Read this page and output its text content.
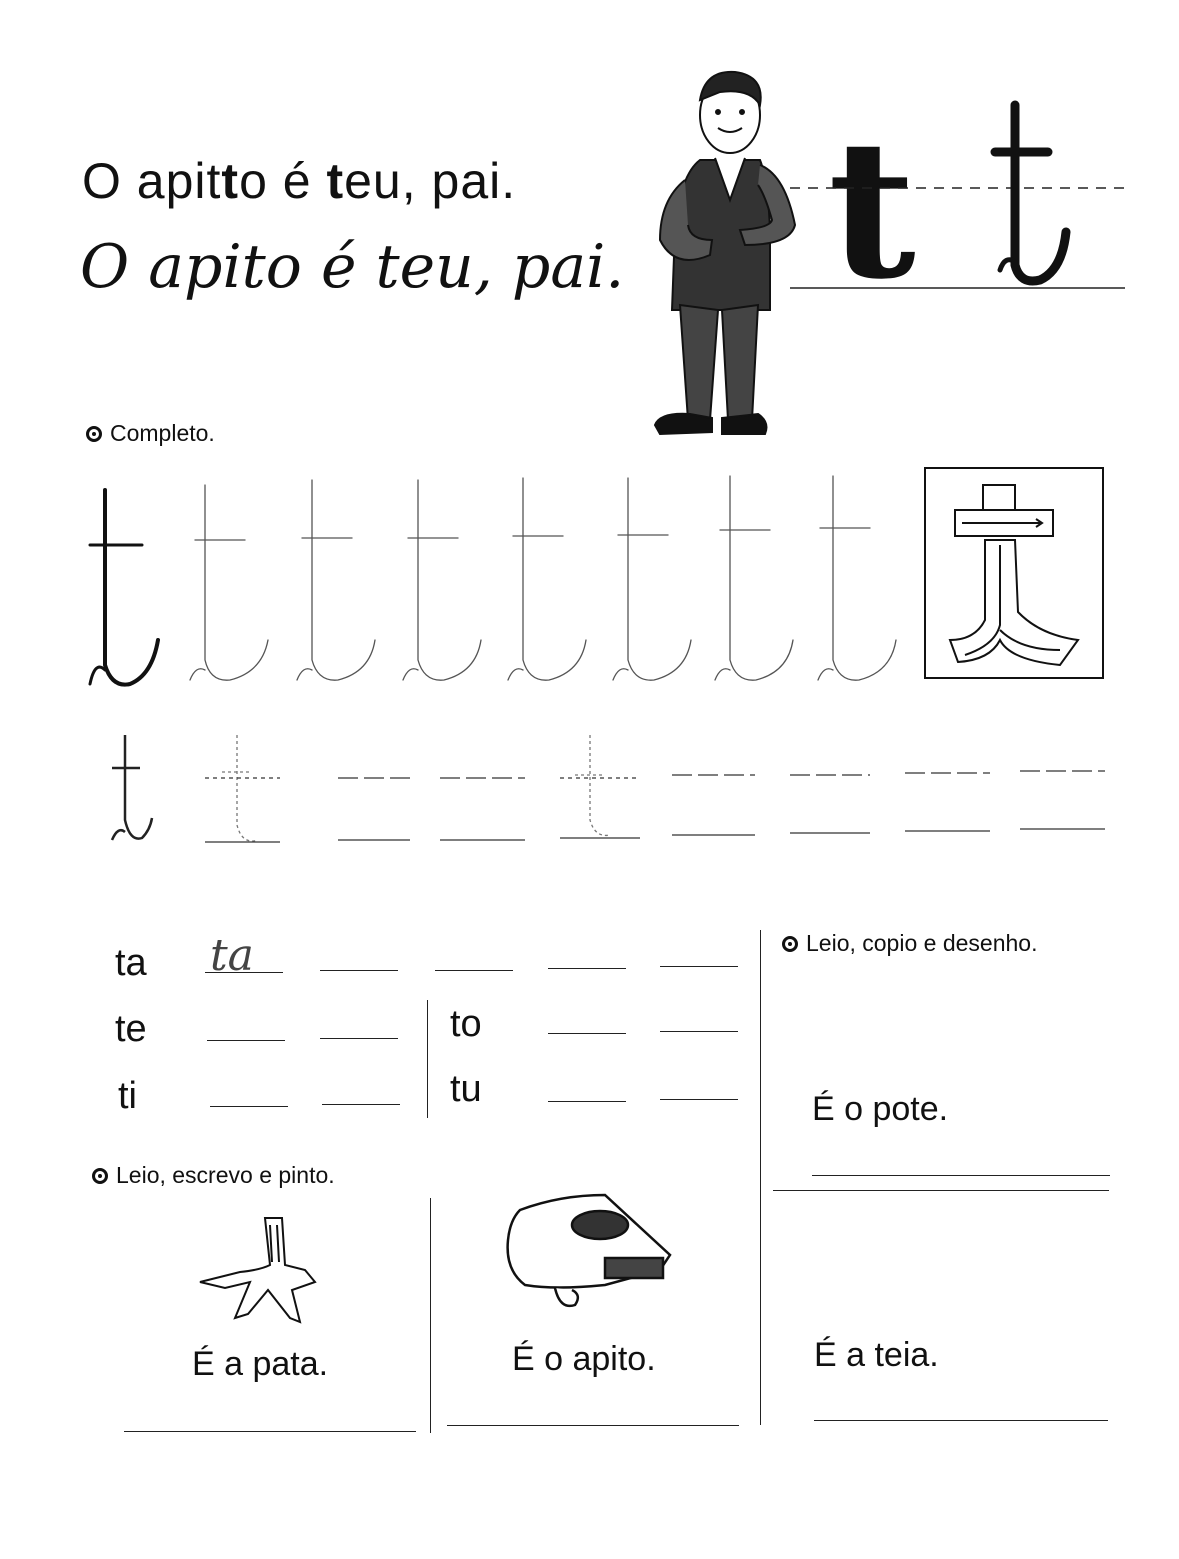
O apitto é teu, pai.
O apito é teu, pai. t
Completo.
ta
te
ti
to
tu
ta	Leio, copio e desenho.
É o pote.
É a teia.
Leio, escrevo e pinto.
É a pata.	É o apito.
